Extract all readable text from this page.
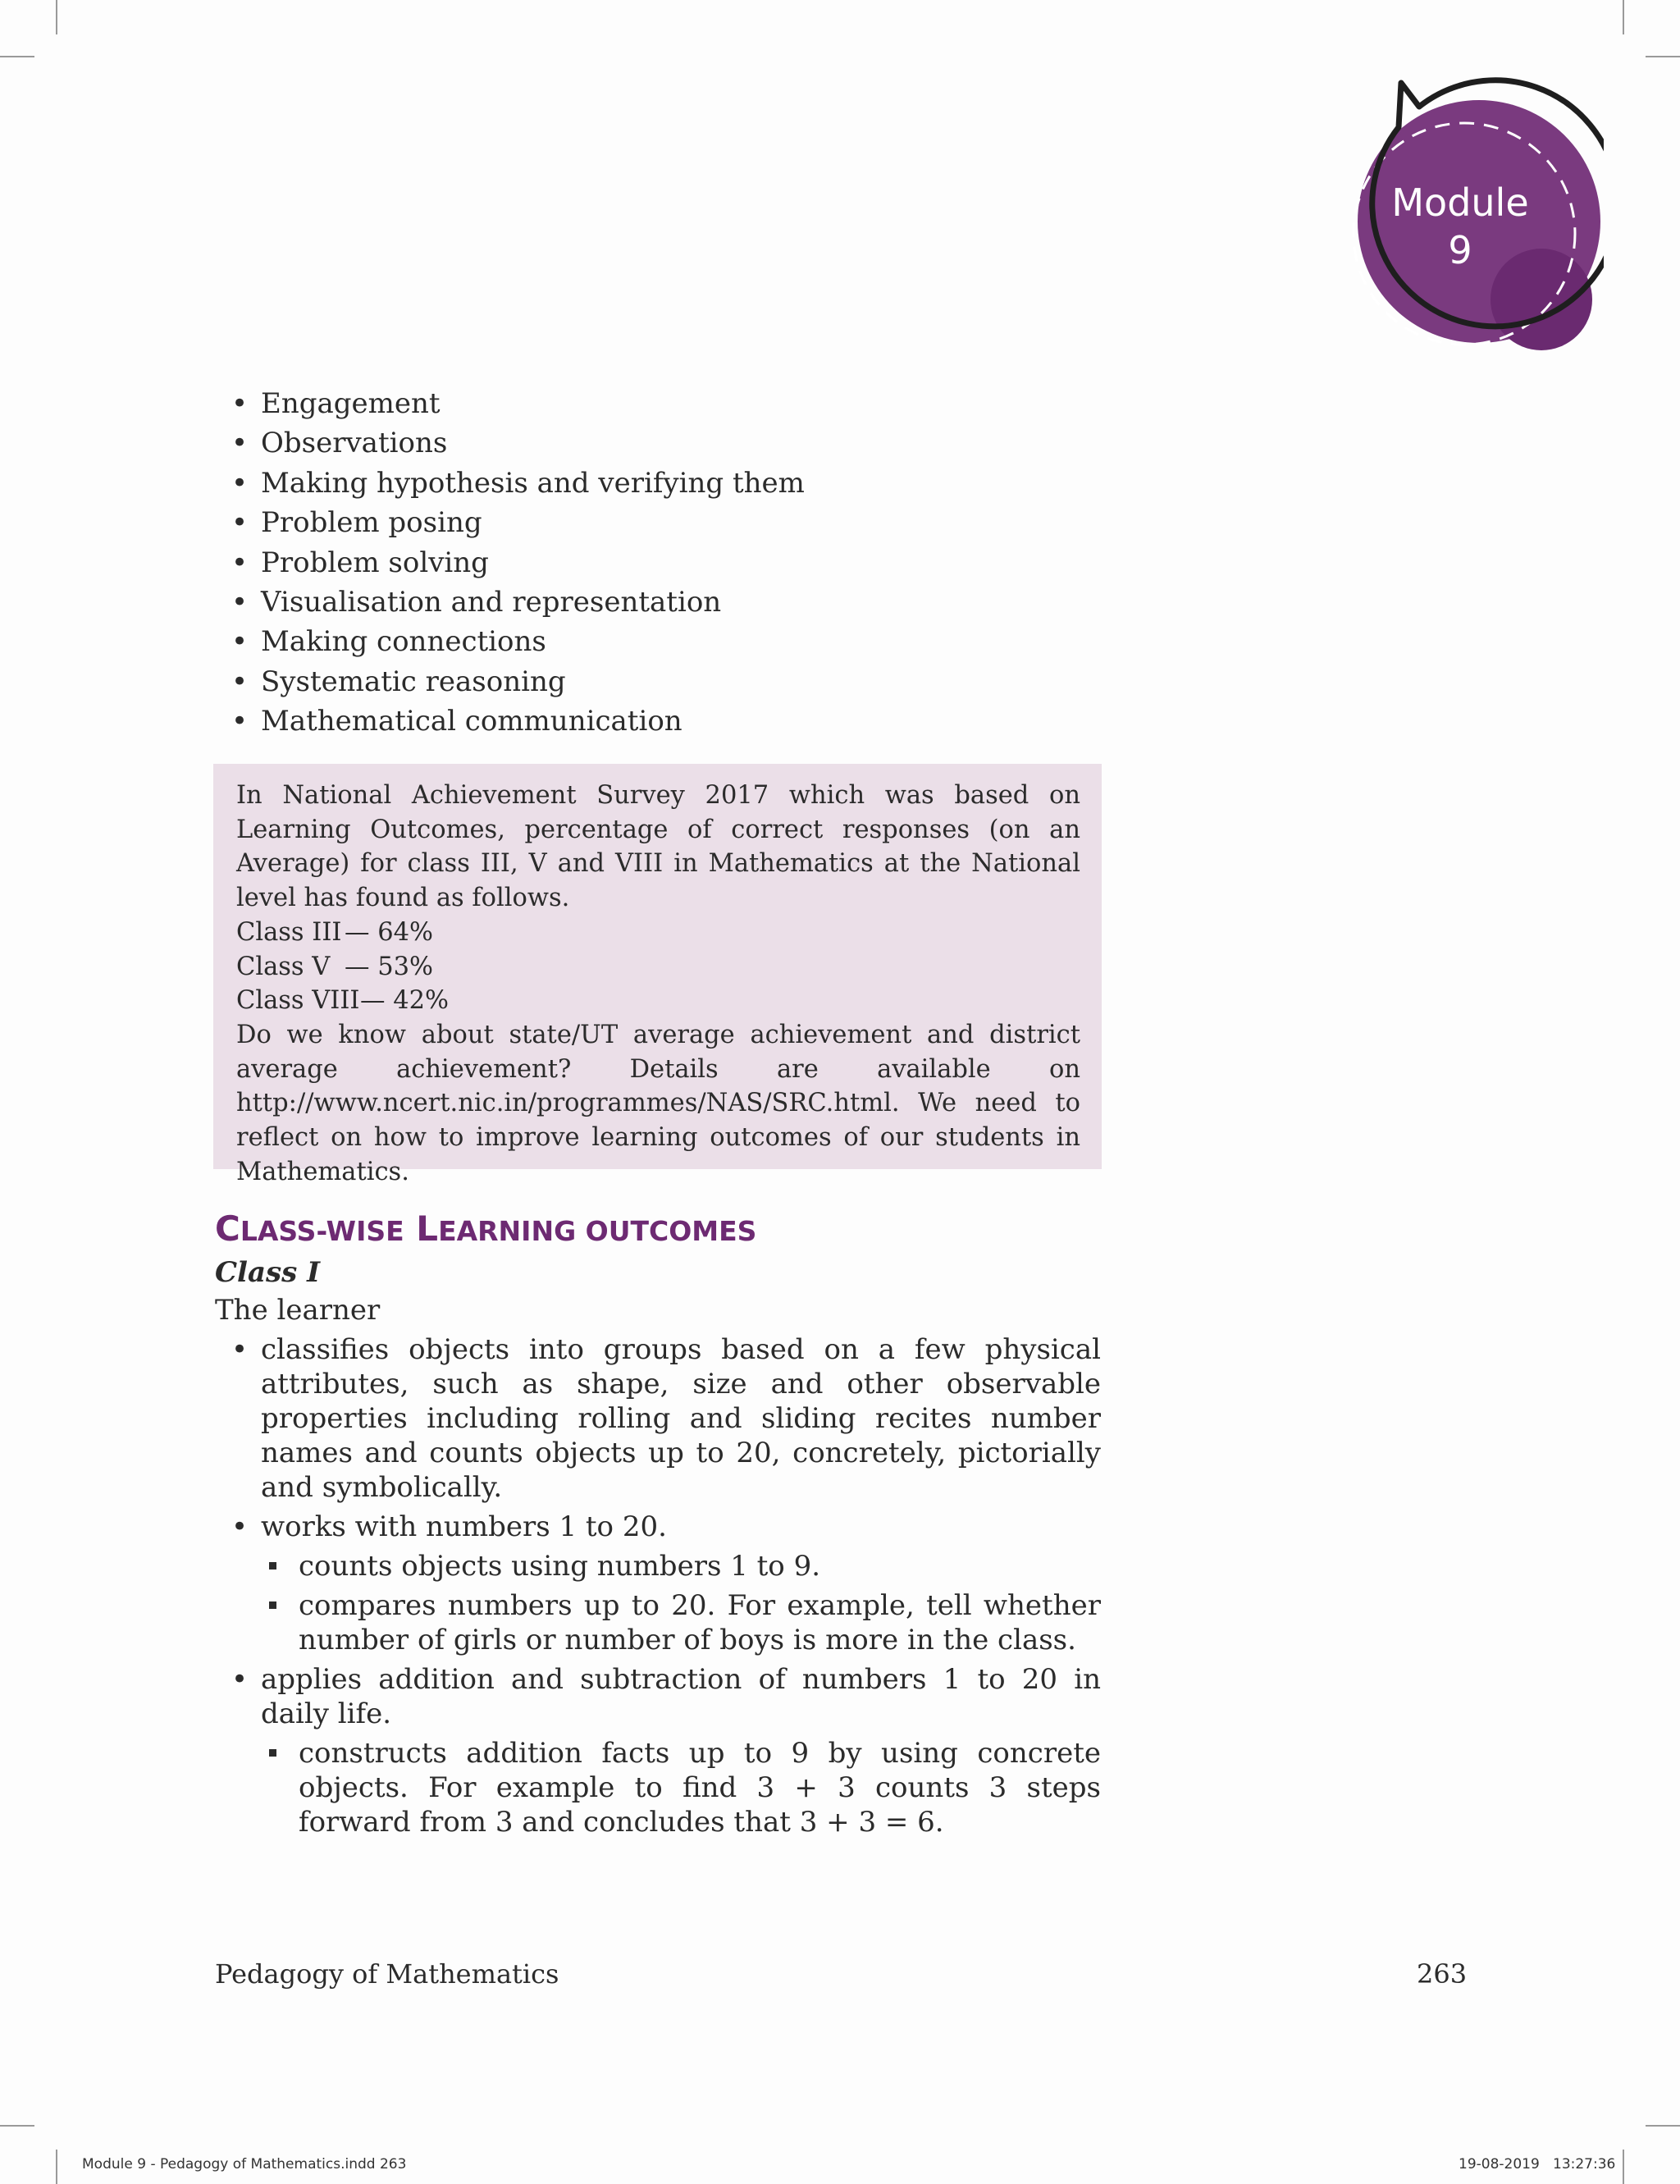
Module
9
• Engagement
• Observations
• Making hypothesis and verifying them
• Problem posing
• Problem solving
• Visualisation and representation
• Making connections
• Systematic reasoning
• Mathematical communication

In National Achievement Survey 2017 which was based on Learning Outcomes, percentage of correct responses (on an Average) for class III, V and VIII in Mathematics at the National level has found as follows.

Class III — 64%
Class V — 53%
Class VIII — 42%

Do we know about state/UT average achievement and district average achievement? Details are available on http://www.ncert.nic.in/programmes/NAS/SRC.html. We need to reflect on how to improve learning outcomes of our students in Mathematics.

CLASS-WISE LEARNING OUTCOMES
Class I
The learner
• classifies objects into groups based on a few physical attributes, such as shape, size and other observable properties including rolling and sliding recites number names and counts objects up to 20, concretely, pictorially and symbolically.
• works with numbers 1 to 20.
counts objects using numbers 1 to 9.
compares numbers up to 20. For example, tell whether number of girls or number of boys is more in the class.
• applies addition and subtraction of numbers 1 to 20 in daily life.
constructs addition facts up to 9 by using concrete objects. For example to find 3 + 3 counts 3 steps forward from 3 and concludes that 3 + 3 = 6.
Pedagogy of Mathematics	263
Module 9 - Pedagogy of Mathematics.indd 263	19-08-2019   13:27:36
